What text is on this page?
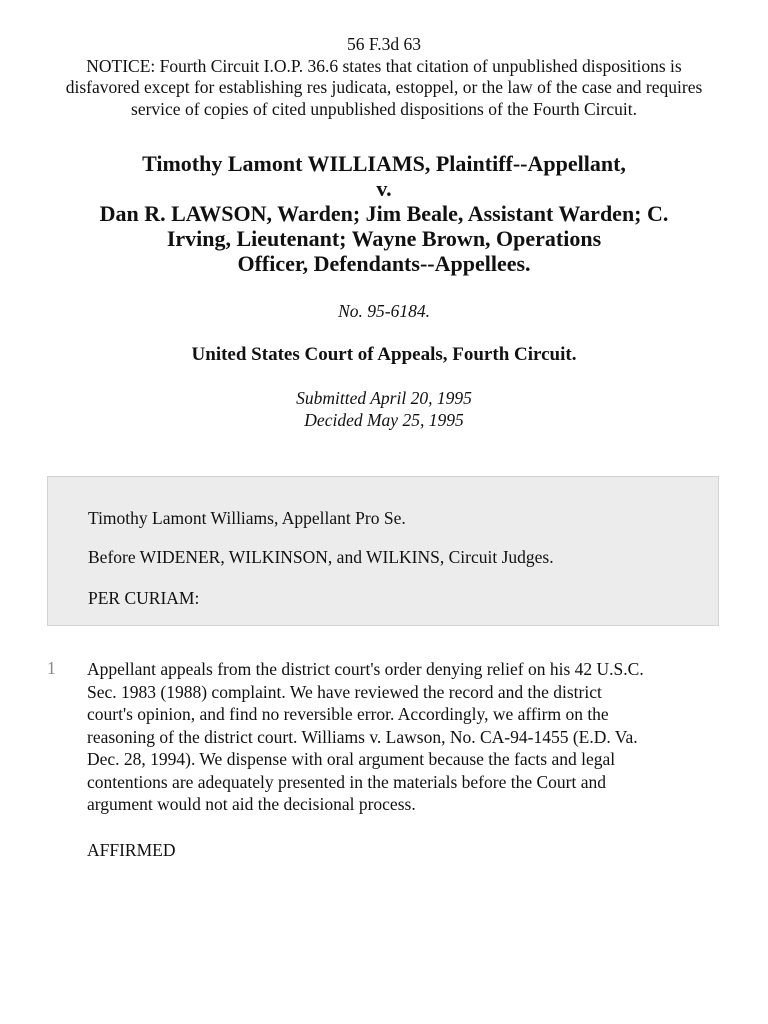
56 F.3d 63
NOTICE: Fourth Circuit I.O.P. 36.6 states that citation of unpublished dispositions is disfavored except for establishing res judicata, estoppel, or the law of the case and requires service of copies of cited unpublished dispositions of the Fourth Circuit.
Timothy Lamont WILLIAMS, Plaintiff--Appellant,
v.
Dan R. LAWSON, Warden; Jim Beale, Assistant Warden; C.
Irving, Lieutenant; Wayne Brown, Operations
Officer, Defendants--Appellees.
No. 95-6184.
United States Court of Appeals, Fourth Circuit.
Submitted April 20, 1995
Decided May 25, 1995

Timothy Lamont Williams, Appellant Pro Se.

Before WIDENER, WILKINSON, and WILKINS, Circuit Judges.

PER CURIAM:

1 Appellant appeals from the district court's order denying relief on his 42 U.S.C.
Sec. 1983 (1988) complaint. We have reviewed the record and the district
court's opinion, and find no reversible error. Accordingly, we affirm on the
reasoning of the district court. Williams v. Lawson, No. CA-94-1455 (E.D. Va.
Dec. 28, 1994). We dispense with oral argument because the facts and legal
contentions are adequately presented in the materials before the Court and
argument would not aid the decisional process.
AFFIRMED
